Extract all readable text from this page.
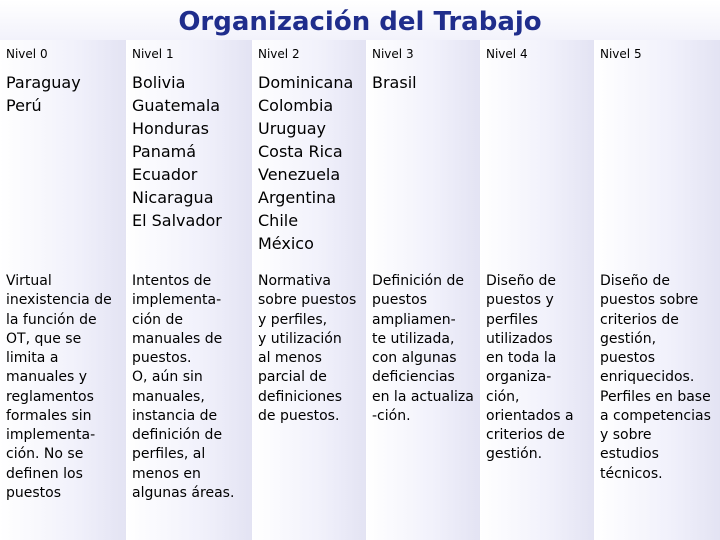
Organización del Trabajo
Nivel 0
Paraguay
Perú
Virtual
inexistencia de
la función de
OT, que se
limita a
manuales y
reglamentos
formales sin
implementa-
ción. No se
definen los
puestos
Nivel 1
Bolivia
Guatemala
Honduras
Panamá
Ecuador
Nicaragua
El Salvador
Intentos de
implementa-
ción de
manuales de
puestos.
O, aún sin
manuales,
instancia de
definición de
perfiles, al
menos en
algunas áreas.
Nivel 2
Dominicana
Colombia
Uruguay
Costa Rica
Venezuela
Argentina
Chile
México
Normativa
sobre puestos
y perfiles,
y utilización
al menos
parcial de
definiciones
de puestos.
Nivel 3
Brasil
Definición de
puestos
ampliamen-
te utilizada,
con algunas
deficiencias
en la actualiza
-ción.
Nivel 4
Diseño de
puestos y
perfiles
utilizados
en toda la
organiza-
ción,
orientados a
criterios de
gestión.
Nivel 5
Diseño de
puestos sobre
criterios de
gestión,
puestos
enriquecidos.
Perfiles en base
a competencias
y sobre
estudios
técnicos.
